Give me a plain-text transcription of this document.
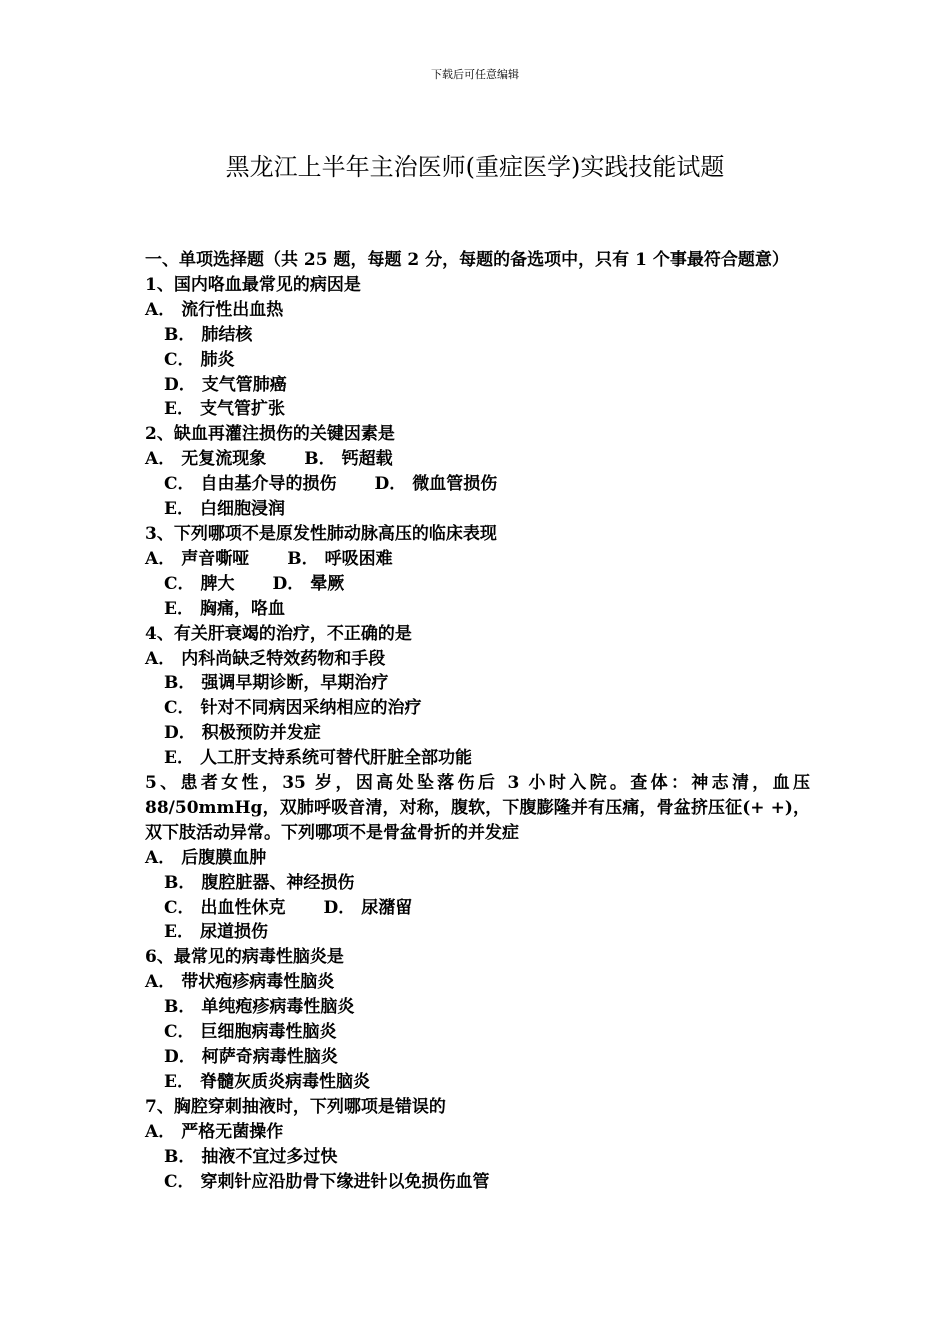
下载后可任意编辑
黑龙江上半年主治医师(重症医学)实践技能试题
一、单项选择题（共 25 题，每题 2 分，每题的备选项中，只有 1 个事最符合题意）
1、国内咯血最常见的病因是
A． 流行性出血热
B． 肺结核
C． 肺炎
D． 支气管肺癌
E． 支气管扩张
2、缺血再灌注损伤的关键因素是
A． 无复流现象 B． 钙超载
C． 自由基介导的损伤 D． 微血管损伤
E． 白细胞浸润
3、下列哪项不是原发性肺动脉高压的临床表现
A． 声音嘶哑 B． 呼吸困难
C． 脾大 D． 晕厥
E． 胸痛，咯血
4、有关肝衰竭的治疗，不正确的是
A． 内科尚缺乏特效药物和手段
B． 强调早期诊断，早期治疗
C． 针对不同病因采纳相应的治疗
D． 积极预防并发症
E． 人工肝支持系统可替代肝脏全部功能
5、患者女性，35 岁，因高处坠落伤后 3 小时入院。查体：神志清，血压 88/50mmHg，双肺呼吸音清，对称，腹软，下腹膨隆并有压痛，骨盆挤压征(+ +)，双下肢活动异常。下列哪项不是骨盆骨折的并发症
A． 后腹膜血肿
B． 腹腔脏器、神经损伤
C． 出血性休克 D． 尿潴留
E． 尿道损伤
6、最常见的病毒性脑炎是
A． 带状疱疹病毒性脑炎
B． 单纯疱疹病毒性脑炎
C． 巨细胞病毒性脑炎
D． 柯萨奇病毒性脑炎
E． 脊髓灰质炎病毒性脑炎
7、胸腔穿刺抽液时，下列哪项是错误的
A． 严格无菌操作
B． 抽液不宜过多过快
C． 穿刺针应沿肋骨下缘进针以免损伤血管
